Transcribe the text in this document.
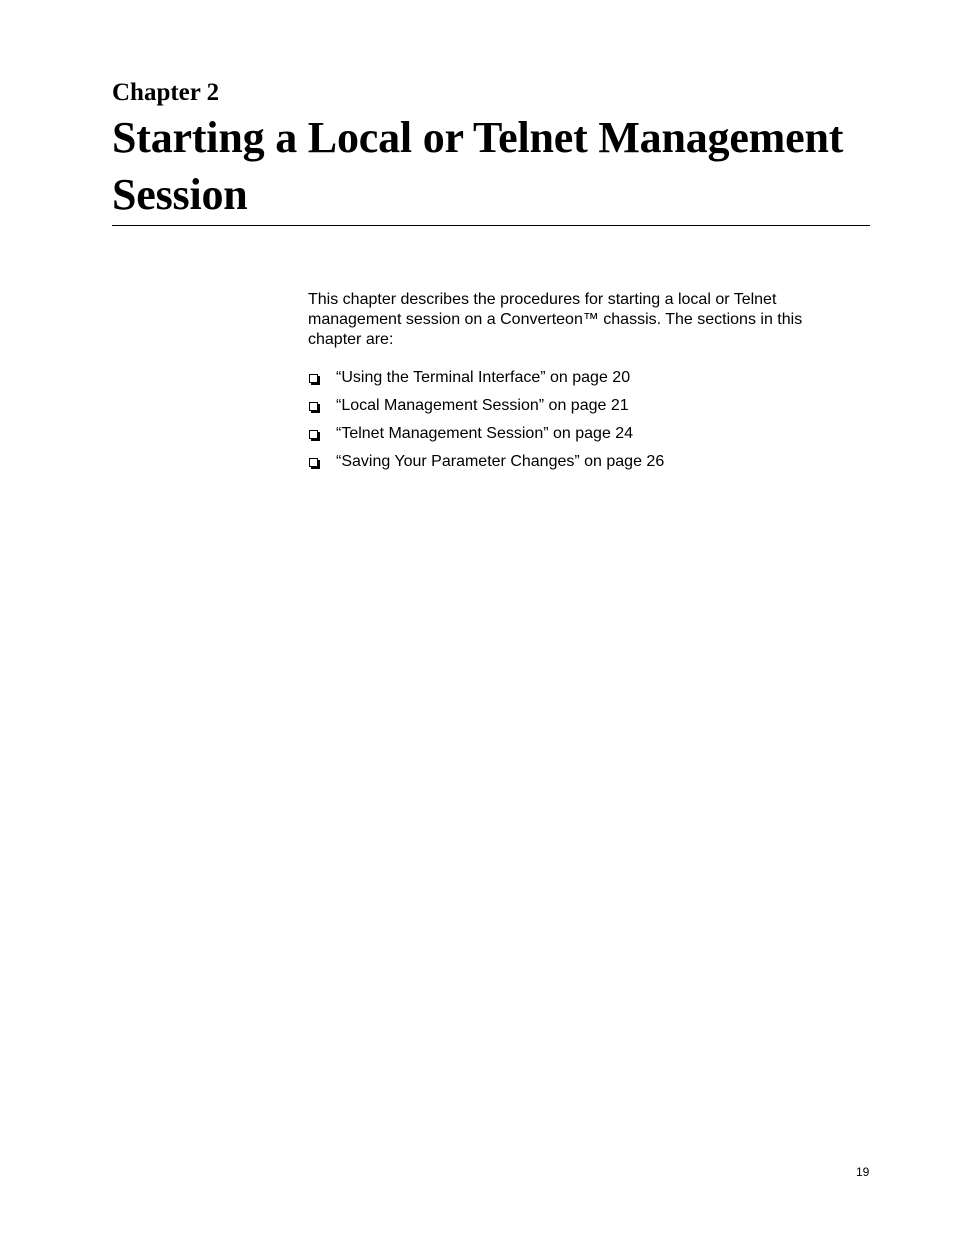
Chapter 2
Starting a Local or Telnet Management Session

This chapter describes the procedures for starting a local or Telnet management session on a Converteon™ chassis. The sections in this chapter are:

“Using the Terminal Interface” on page 20
“Local Management Session” on page 21
“Telnet Management Session” on page 24
“Saving Your Parameter Changes” on page 26
19
